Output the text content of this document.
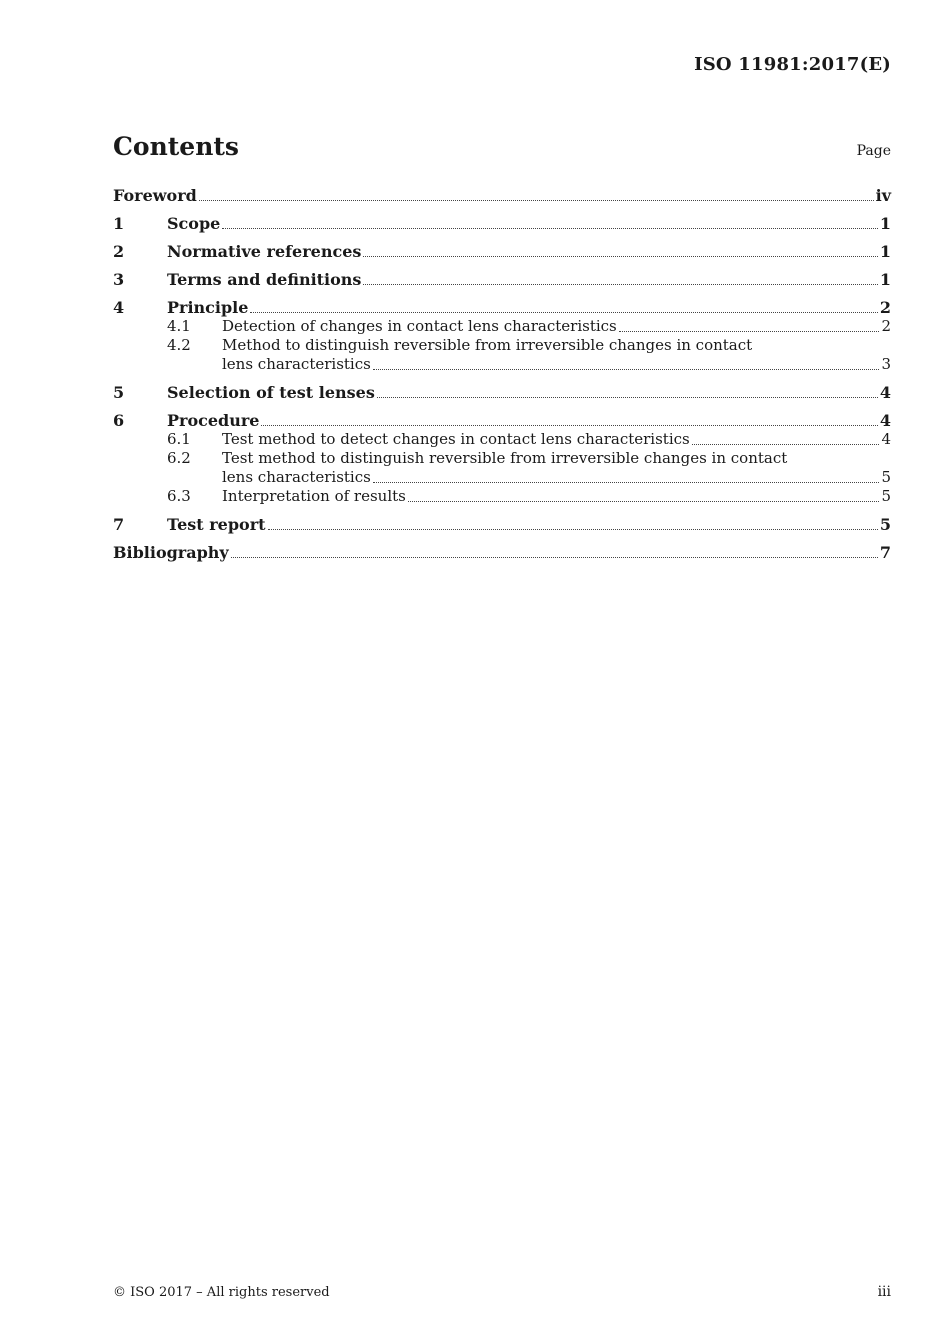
ISO 11981:2017(E)
Contents	Page
Foreword	iv
1	Scope	1
2	Normative references	1
3	Terms and definitions	1
4	Principle	2
4.1	Detection of changes in contact lens characteristics	2
4.2	Method to distinguish reversible from irreversible changes in contact
lens characteristics	3
5	Selection of test lenses	4
6	Procedure	4
6.1	Test method to detect changes in contact lens characteristics	4
6.2	Test method to distinguish reversible from irreversible changes in contact
lens characteristics	5
6.3	Interpretation of results	5
7	Test report	5
Bibliography	7
© ISO 2017 – All rights reserved	iii
